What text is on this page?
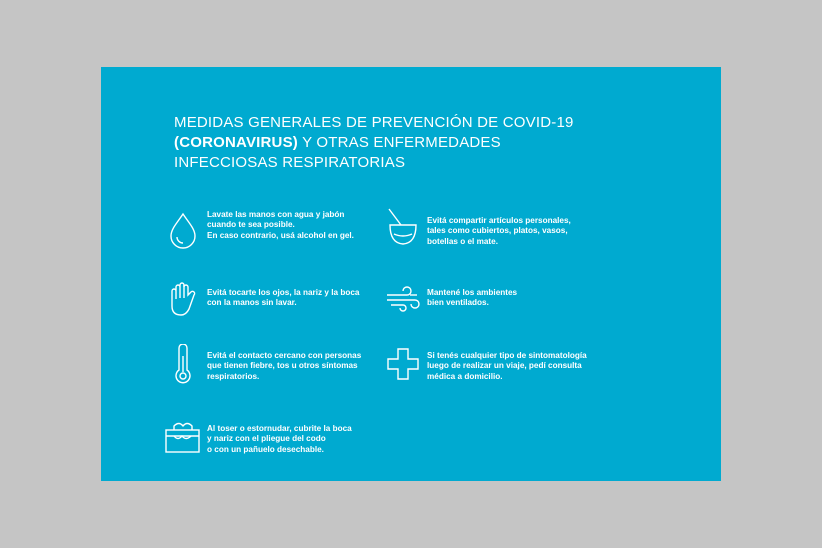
MEDIDAS GENERALES DE PREVENCIÓN DE COVID-19
(CORONAVIRUS) Y OTRAS ENFERMEDADES
INFECCIOSAS RESPIRATORIAS
Lavate las manos con agua y jabón
cuando te sea posible.
En caso contrario, usá alcohol en gel.
Evitá compartir artículos personales,
tales como cubiertos, platos, vasos,
botellas o el mate.
Evitá tocarte los ojos, la nariz y la boca
con la manos sin lavar.
Mantené los ambientes
bien ventilados.
Evitá el contacto cercano con personas
que tienen fiebre, tos u otros síntomas
respiratorios.
Si tenés cualquier tipo de sintomatología
luego de realizar un viaje, pedí consulta
médica a domicilio.
Al toser o estornudar, cubrite la boca
y nariz con el pliegue del codo
o con un pañuelo desechable.
